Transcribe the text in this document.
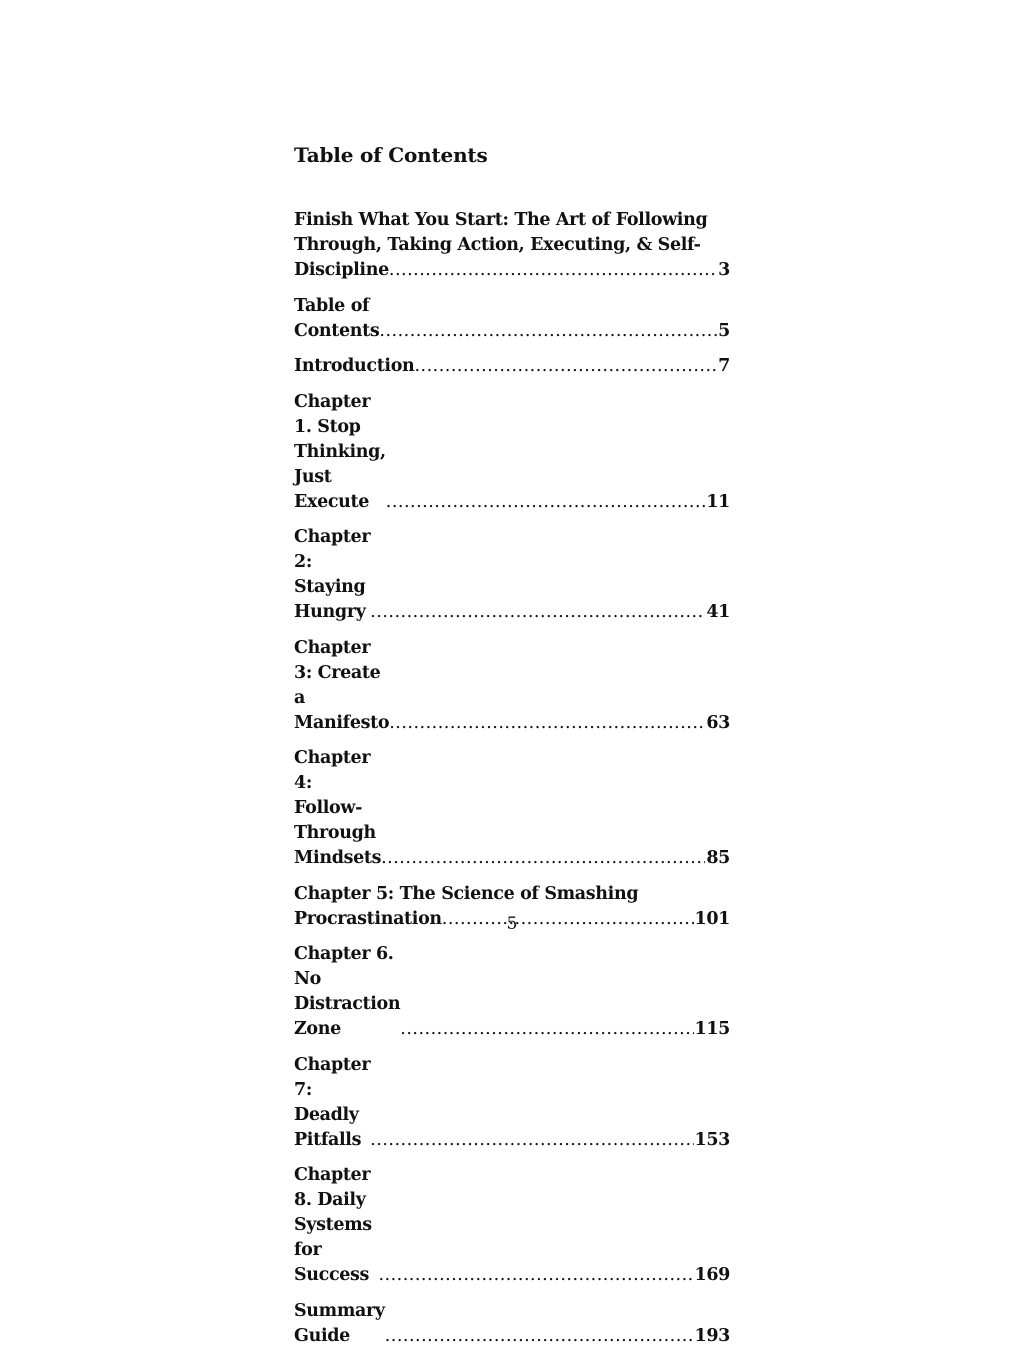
Table of Contents
Finish What You Start: The Art of Following
Through, Taking Action, Executing, & Self-
Discipline .....	3
Table of Contents .....	5
Introduction .....	7
Chapter 1. Stop Thinking, Just Execute .....	11
Chapter 2: Staying Hungry .....	41
Chapter 3: Create a Manifesto .....	63
Chapter 4: Follow-Through Mindsets .....	85
Chapter 5: The Science of Smashing
Procrastination .....	101
Chapter 6. No Distraction Zone .....	115
Chapter 7: Deadly Pitfalls .....	153
Chapter 8. Daily Systems for Success .....	169
Summary Guide .....	193
5
